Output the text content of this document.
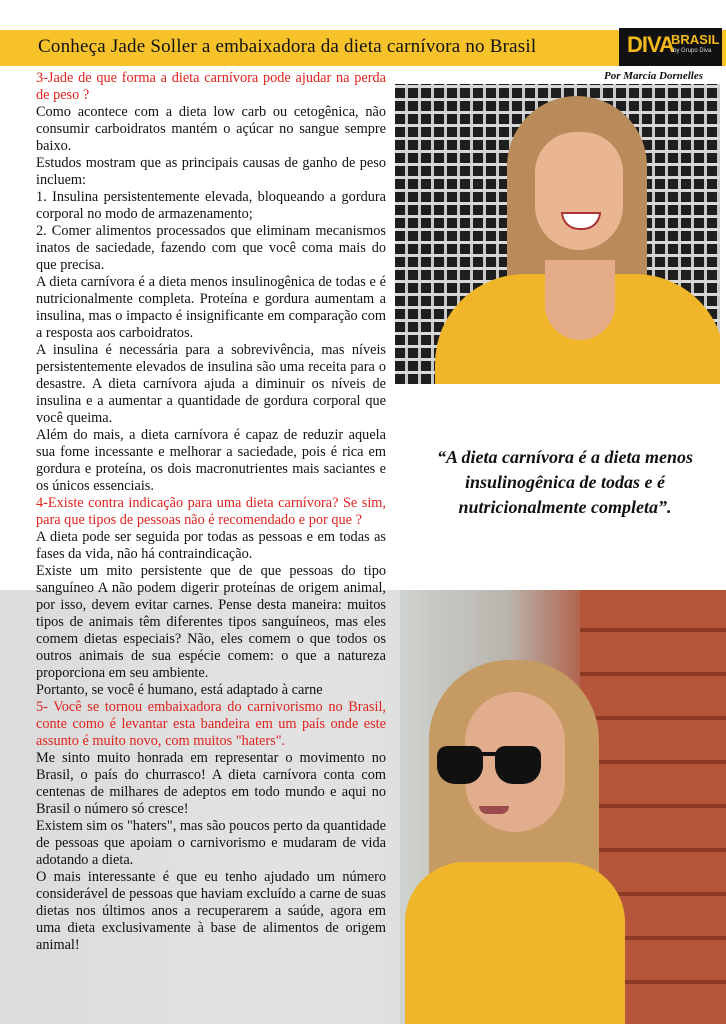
Conheça Jade Soller a embaixadora da dieta carnívora no Brasil	DIVA
BRASIL
by Grupo Diva
Por Marcia Dornelles

3-Jade de que forma a dieta carnívora pode ajudar na perda de peso ?

Como acontece com a dieta low carb ou cetogênica, não consumir carboidratos mantém o açúcar no sangue sempre baixo.

Estudos mostram que as principais causas de ganho de peso incluem:

1. Insulina persistentemente elevada, bloqueando a gordura corporal no modo de armazenamento;

2. Comer alimentos processados que eliminam mecanismos inatos de saciedade, fazendo com que você coma mais do que precisa.

A dieta carnívora é a dieta menos insulinogênica de todas e é nutricionalmente completa. Proteína e gordura aumentam a insulina, mas o impacto é insignificante em comparação com a resposta aos carboidratos.

A insulina é necessária para a sobrevivência, mas níveis persistentemente elevados de insulina são uma receita para o desastre. A dieta carnívora ajuda a diminuir os níveis de insulina e a aumentar a quantidade de gordura corporal que você queima.

Além do mais, a dieta carnívora é capaz de reduzir aquela sua fome incessante e melhorar a saciedade, pois é rica em gordura e proteína, os dois macronutrientes mais saciantes e os únicos essenciais.

4-Existe contra indicação para uma dieta carnívora? Se sim, para que tipos de pessoas não é recomendado e por que ?

A dieta pode ser seguida por todas as pessoas e em todas as fases da vida, não há contraindicação.

Existe um mito persistente que de que pessoas do tipo sanguíneo A não podem digerir proteínas de origem animal, por isso, devem evitar carnes. Pense desta maneira: muitos tipos de animais têm diferentes tipos sanguíneos, mas eles comem dietas especiais? Não, eles comem o que todos os outros animais de sua espécie comem: o que a natureza proporciona em seu ambiente.

Portanto, se você é humano, está adaptado à carne

5- Você se tornou embaixadora do carnivorismo no Brasil, conte como é levantar esta bandeira em um país onde este assunto é muito novo, com muitos "haters".

Me sinto muito honrada em representar o movimento no Brasil, o país do churrasco! A dieta carnívora conta com centenas de milhares de adeptos em todo mundo e aqui no Brasil o número só cresce!

Existem sim os "haters", mas são poucos perto da quantidade de pessoas que apoiam o carnivorismo e mudaram de vida adotando a dieta.

O mais interessante é que eu tenho ajudado um número considerável de pessoas que haviam excluído a carne de suas dietas nos últimos anos a recuperarem a saúde, agora em uma dieta exclusivamente à base de alimentos de origem animal!

“A dieta carnívora é a dieta menos insulinogênica de todas e é nutricionalmente completa”.
